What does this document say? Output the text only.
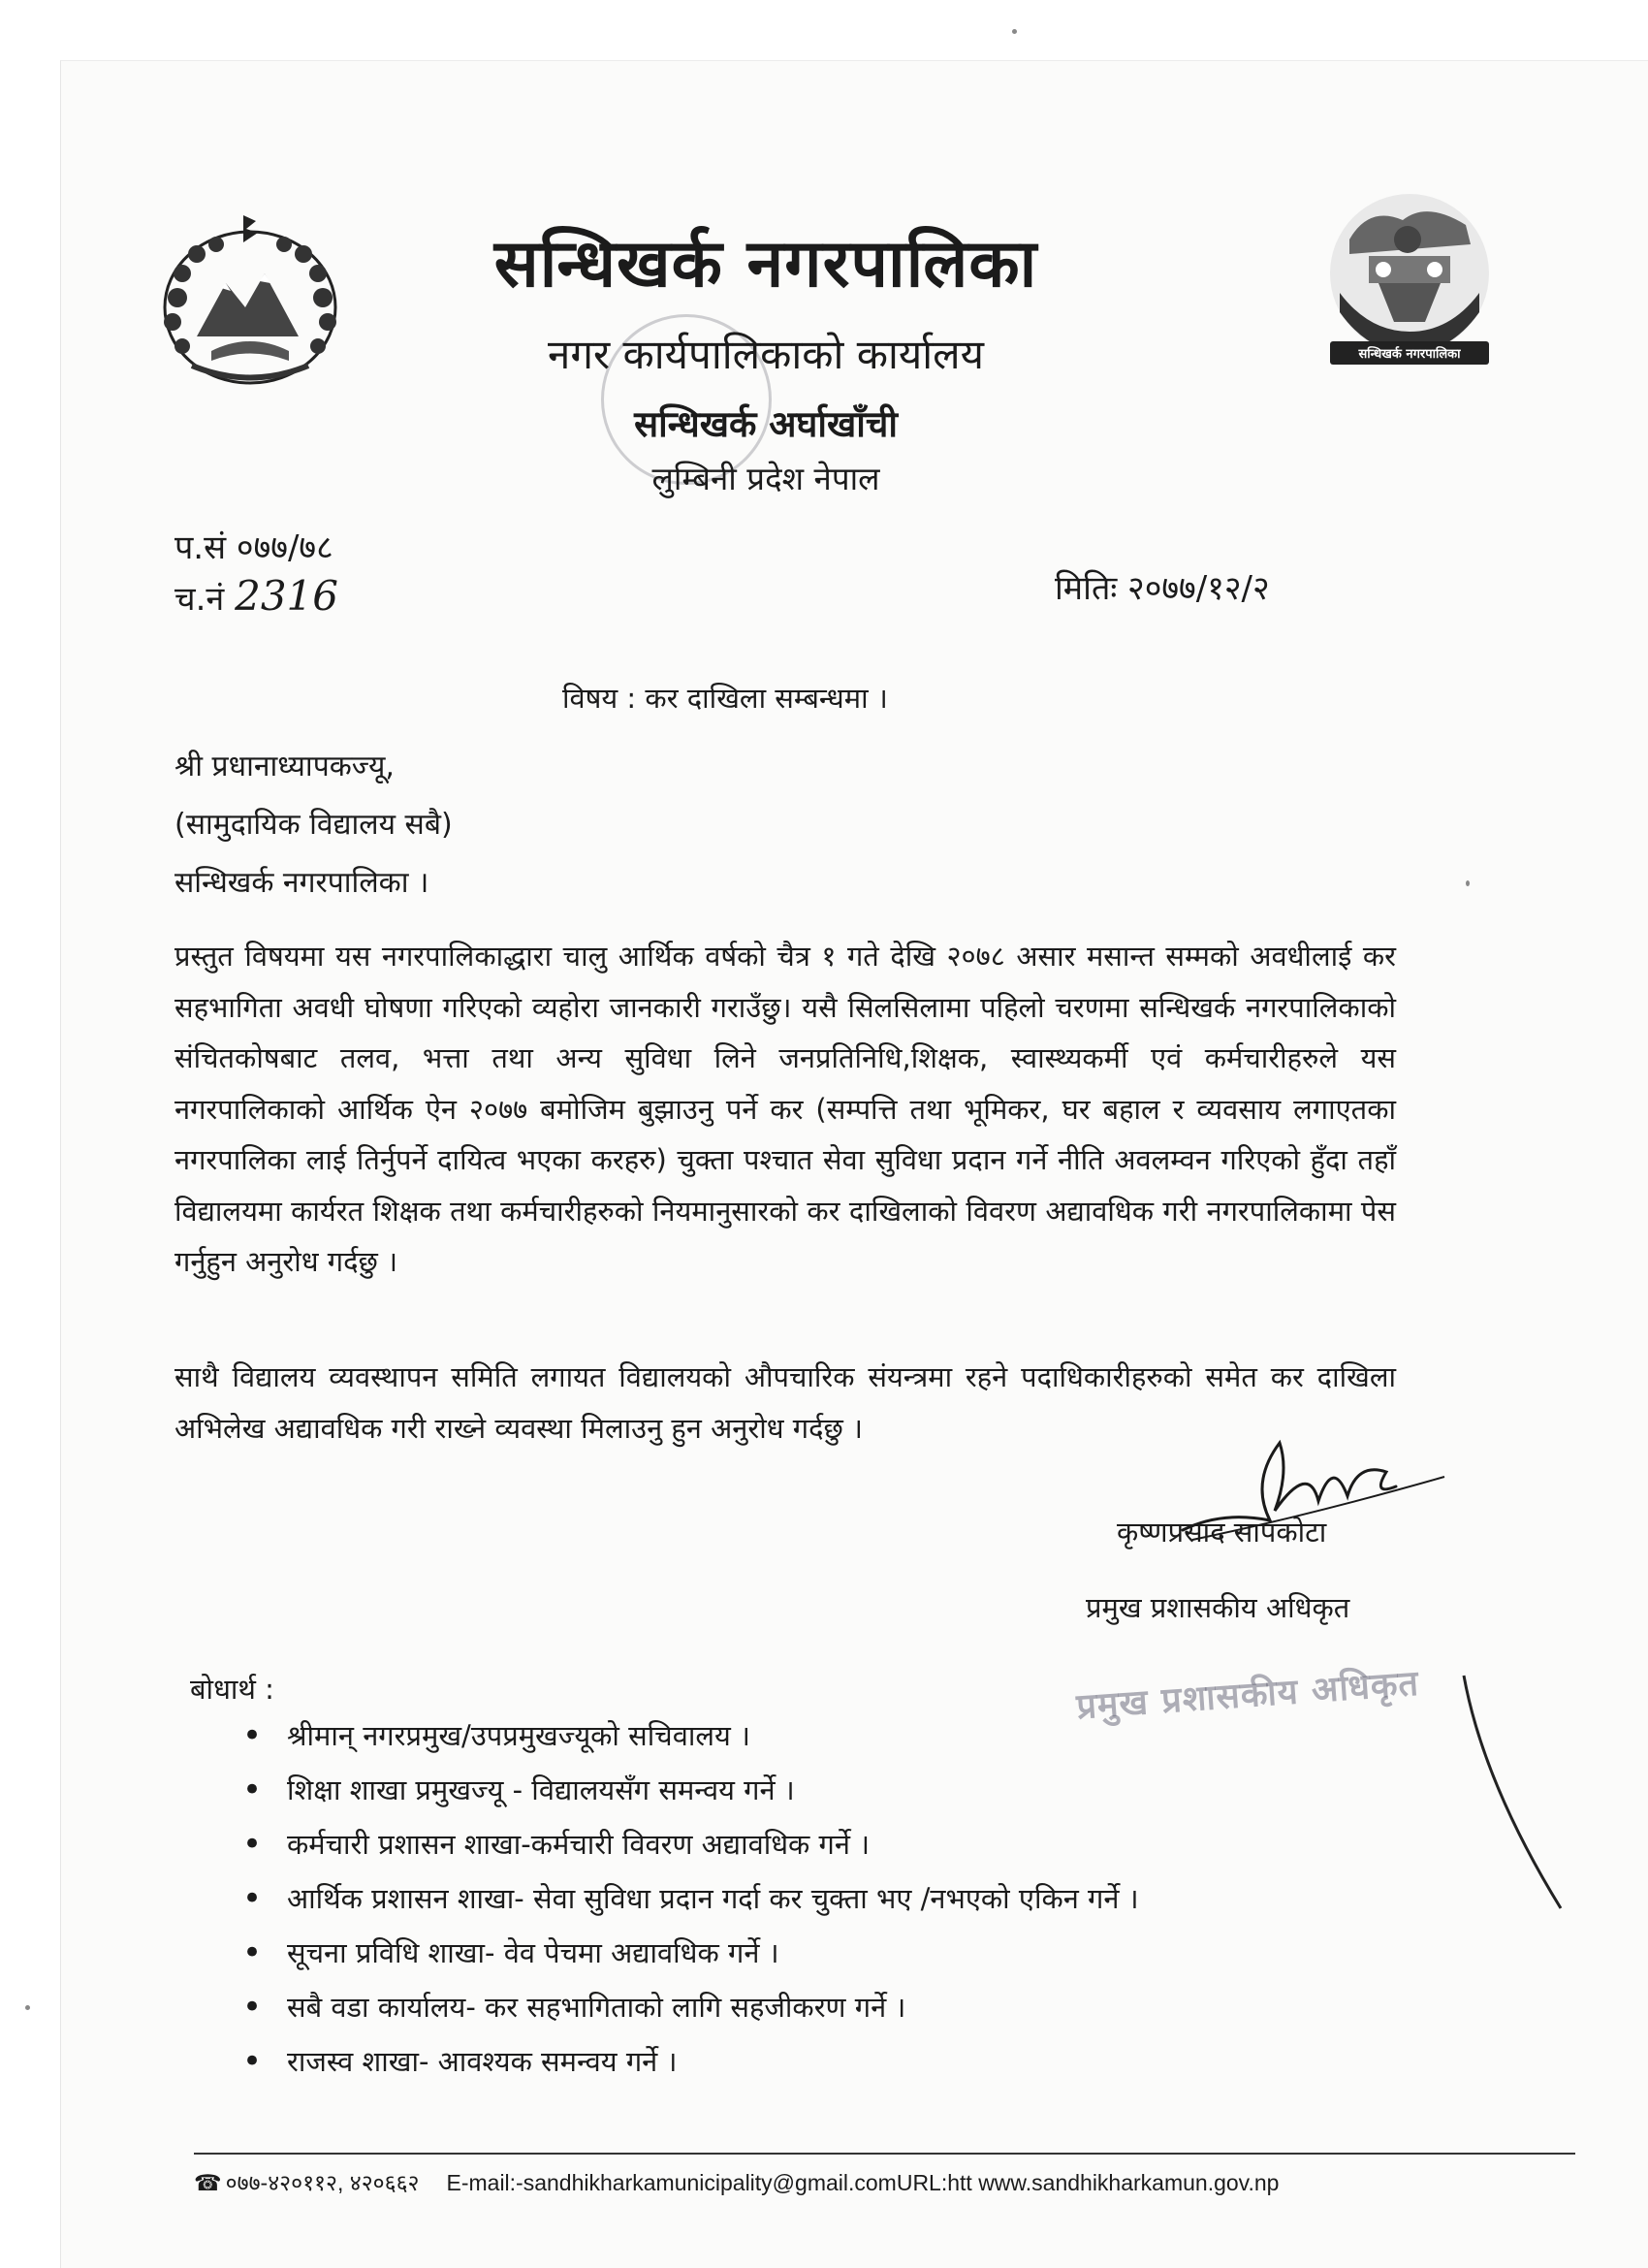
सन्धिखर्क नगरपालिका
सन्धिखर्क नगरपालिका
नगर कार्यपालिकाको कार्यालय
सन्धिखर्क अर्घाखाँची
लुम्बिनी प्रदेश नेपाल
प.सं ०७७/७८
च.नं 2316	मितिः २०७७/१२/२
विषय : कर दाखिला सम्बन्धमा ।
श्री प्रधानाध्यापकज्यू,
(सामुदायिक विद्यालय सबै)
सन्धिखर्क नगरपालिका ।
प्रस्तुत विषयमा यस नगरपालिकाद्धारा चालु आर्थिक वर्षको चैत्र १ गते देखि २०७८ असार मसान्त सम्मको अवधीलाई कर सहभागिता अवधी घोषणा गरिएको व्यहोरा जानकारी गराउँछु। यसै सिलसिलामा पहिलो चरणमा सन्धिखर्क नगरपालिकाको संचितकोषबाट तलव, भत्ता तथा अन्य सुविधा लिने जनप्रतिनिधि,शिक्षक, स्वास्थ्यकर्मी एवं कर्मचारीहरुले यस नगरपालिकाको आर्थिक ऐन २०७७ बमोजिम बुझाउनु पर्ने कर (सम्पत्ति तथा भूमिकर, घर बहाल र व्यवसाय लगाएतका नगरपालिका लाई तिर्नुपर्ने दायित्व भएका करहरु) चुक्ता पश्चात सेवा सुविधा प्रदान गर्ने नीति अवलम्वन गरिएको हुँदा तहाँ विद्यालयमा कार्यरत शिक्षक तथा कर्मचारीहरुको नियमानुसारको कर दाखिलाको विवरण अद्यावधिक गरी नगरपालिकामा पेस गर्नुहुन अनुरोध गर्दछु ।
साथै विद्यालय व्यवस्थापन समिति लगायत विद्यालयको औपचारिक संयन्त्रमा रहने पदाधिकारीहरुको समेत कर दाखिला अभिलेख अद्यावधिक गरी राख्ने व्यवस्था मिलाउनु हुन अनुरोध गर्दछु ।
कृष्णप्रसाद सापकोटा
प्रमुख प्रशासकीय अधिकृत
बोधार्थ :
• श्रीमान् नगरप्रमुख/उपप्रमुखज्यूको सचिवालय ।
• शिक्षा शाखा प्रमुखज्यू - विद्यालयसँग समन्वय गर्ने ।
• कर्मचारी प्रशासन शाखा-कर्मचारी विवरण अद्यावधिक गर्ने ।
• आर्थिक प्रशासन शाखा- सेवा सुविधा प्रदान गर्दा कर चुक्ता भए /नभएको एकिन गर्ने ।
• सूचना प्रविधि शाखा- वेव पेचमा अद्यावधिक गर्ने ।
• सबै वडा कार्यालय- कर सहभागिताको लागि सहजीकरण गर्ने ।
• राजस्व शाखा- आवश्यक समन्वय गर्ने ।
प्रमुख प्रशासकीय अधिकृत
☎ ०७७-४२०११२, ४२०६६२ E-mail:-sandhikharkamunicipality@gmail.comURL:htt www.sandhikharkamun.gov.np
